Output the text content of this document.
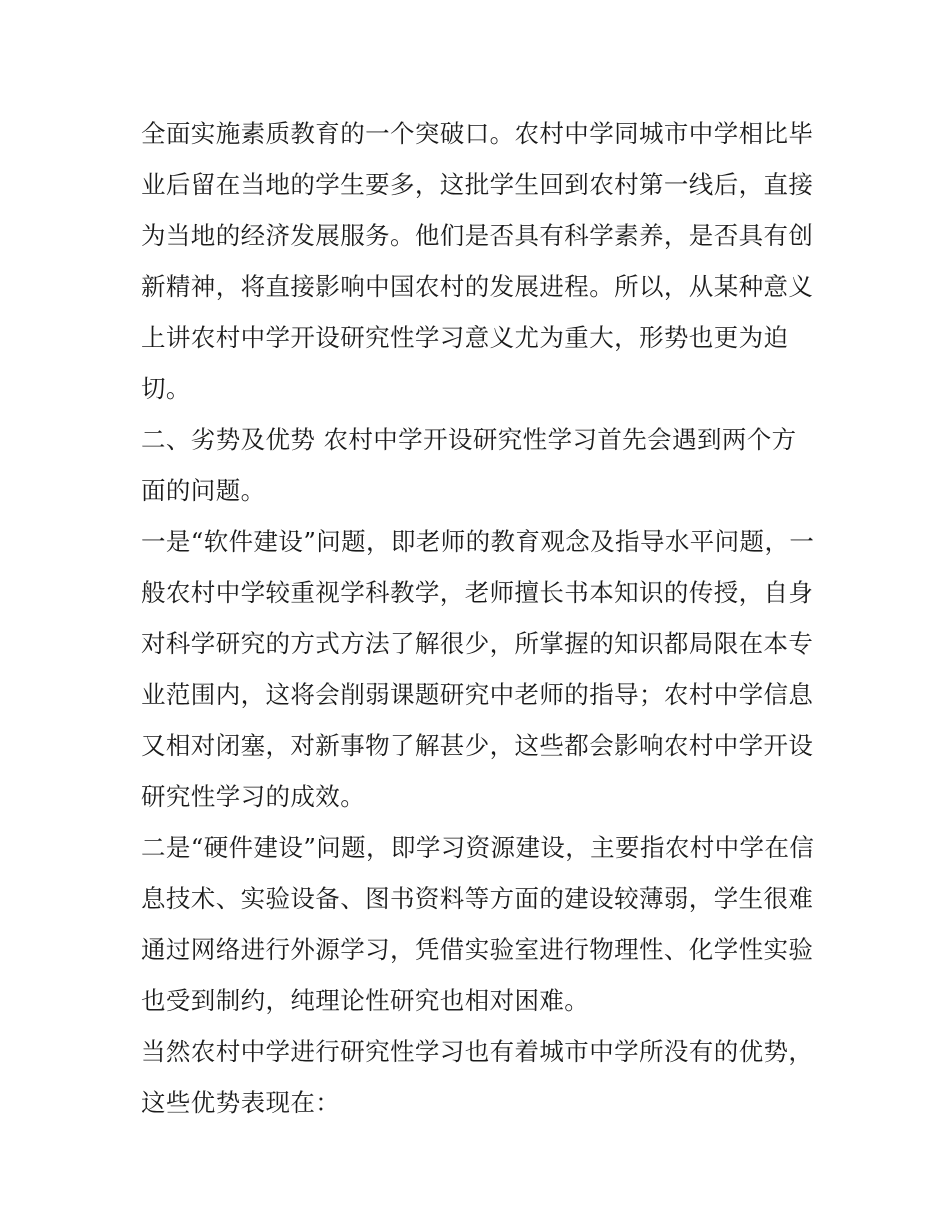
全面实施素质教育的一个突破口。农村中学同城市中学相比毕
业后留在当地的学生要多，这批学生回到农村第一线后，直接
为当地的经济发展服务。他们是否具有科学素养，是否具有创
新精神，将直接影响中国农村的发展进程。所以，从某种意义
上讲农村中学开设研究性学习意义尤为重大，形势也更为迫
切。
二、劣势及优势 农村中学开设研究性学习首先会遇到两个方
面的问题。
一是“软件建设”问题，即老师的教育观念及指导水平问题，一
般农村中学较重视学科教学，老师擅长书本知识的传授，自身
对科学研究的方式方法了解很少，所掌握的知识都局限在本专
业范围内，这将会削弱课题研究中老师的指导；农村中学信息
又相对闭塞，对新事物了解甚少，这些都会影响农村中学开设
研究性学习的成效。
二是“硬件建设”问题，即学习资源建设，主要指农村中学在信
息技术、实验设备、图书资料等方面的建设较薄弱，学生很难
通过网络进行外源学习，凭借实验室进行物理性、化学性实验
也受到制约，纯理论性研究也相对困难。
当然农村中学进行研究性学习也有着城市中学所没有的优势，
这些优势表现在：
